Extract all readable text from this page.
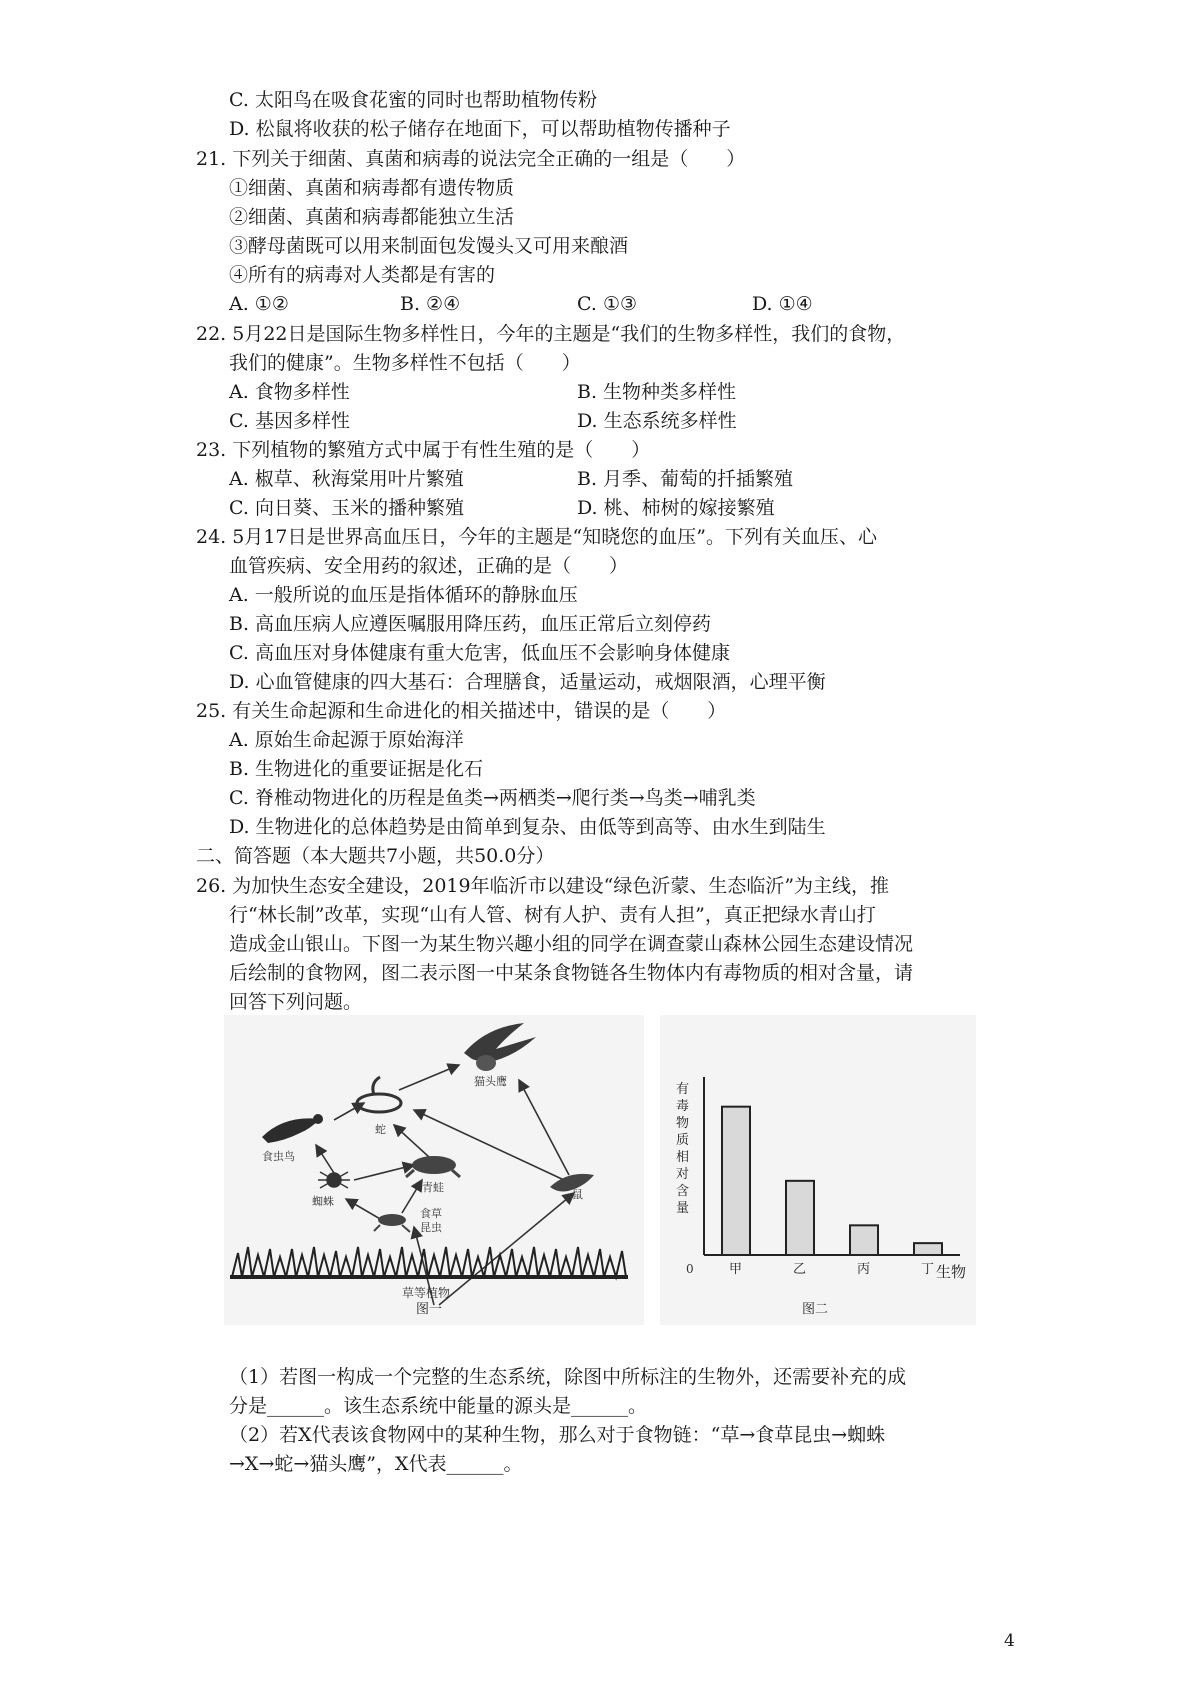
C. 太阳鸟在吸食花蜜的同时也帮助植物传粉
D. 松鼠将收获的松子储存在地面下，可以帮助植物传播种子
21. 下列关于细菌、真菌和病毒的说法完全正确的一组是（　　）
①细菌、真菌和病毒都有遗传物质
②细菌、真菌和病毒都能独立生活
③酵母菌既可以用来制面包发馒头又可用来酿酒
④所有的病毒对人类都是有害的
A. ①②	B. ②④	C. ①③	D. ①④
22. 5月22日是国际生物多样性日，今年的主题是“我们的生物多样性，我们的食物，
我们的健康”。生物多样性不包括（　　）
A. 食物多样性	B. 生物种类多样性
C. 基因多样性	D. 生态系统多样性
23. 下列植物的繁殖方式中属于有性生殖的是（　　）
A. 椒草、秋海棠用叶片繁殖	B. 月季、葡萄的扦插繁殖
C. 向日葵、玉米的播种繁殖	D. 桃、柿树的嫁接繁殖
24. 5月17日是世界高血压日，今年的主题是“知晓您的血压”。下列有关血压、心
血管疾病、安全用药的叙述，正确的是（　　）
A. 一般所说的血压是指体循环的静脉血压
B. 高血压病人应遵医嘱服用降压药，血压正常后立刻停药
C. 高血压对身体健康有重大危害，低血压不会影响身体健康
D. 心血管健康的四大基石：合理膳食，适量运动，戒烟限酒，心理平衡
25. 有关生命起源和生命进化的相关描述中，错误的是（　　）
A. 原始生命起源于原始海洋
B. 生物进化的重要证据是化石
C. 脊椎动物进化的历程是鱼类→两栖类→爬行类→鸟类→哺乳类
D. 生物进化的总体趋势是由简单到复杂、由低等到高等、由水生到陆生
二、简答题（本大题共7小题，共50.0分）
26. 为加快生态安全建设，2019年临沂市以建设“绿色沂蒙、生态临沂”为主线，推
行“林长制”改革，实现“山有人管、树有人护、责有人担”，真正把绿水青山打
造成金山银山。下图一为某生物兴趣小组的同学在调查蒙山森林公园生态建设情况
后绘制的食物网，图二表示图一中某条食物链各生物体内有毒物质的相对含量，请
回答下列问题。
猫头鹰
蛇
食虫鸟
青蛙
蜘蛛
食草
昆虫
鼠
草等植物
图一
有
毒
物
质
相
对
含
量
0	甲	乙	丙	丁 生物
图二
（1）若图一构成一个完整的生态系统，除图中所标注的生物外，还需要补充的成
分是______。该生态系统中能量的源头是______。
（2）若X代表该食物网中的某种生物，那么对于食物链：“草→食草昆虫→蜘蛛
→X→蛇→猫头鹰”，X代表______。
4
